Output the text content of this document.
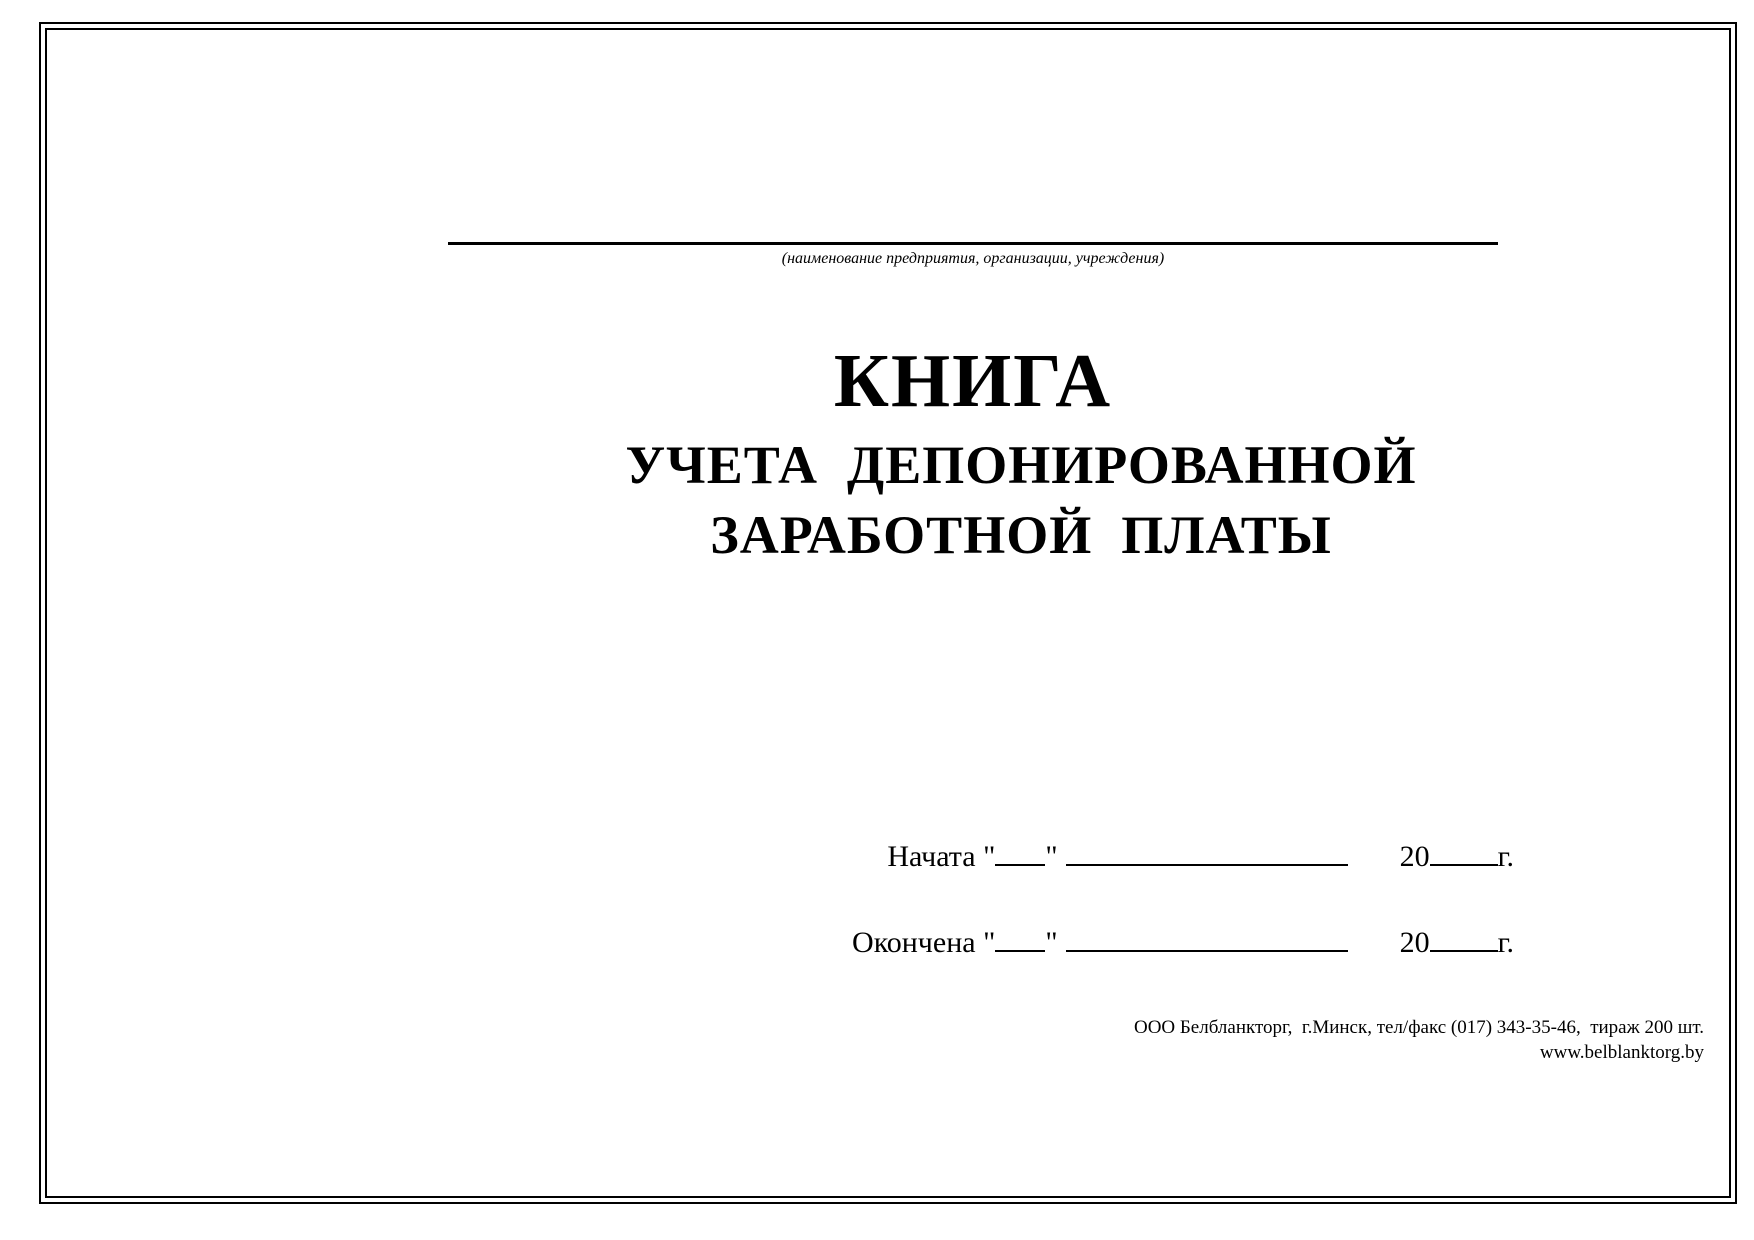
(наименование предприятия, организации, учреждения)
КНИГА
УЧЕТА  ДЕПОНИРОВАННОЙ
ЗАРАБОТНОЙ  ПЛАТЫ
Начата " "	20 г.
Окончена " "	20 г.
ООО Белбланкторг,  г.Минск, тел/факс (017) 343-35-46,  тираж 200 шт.
www.belblanktorg.by
